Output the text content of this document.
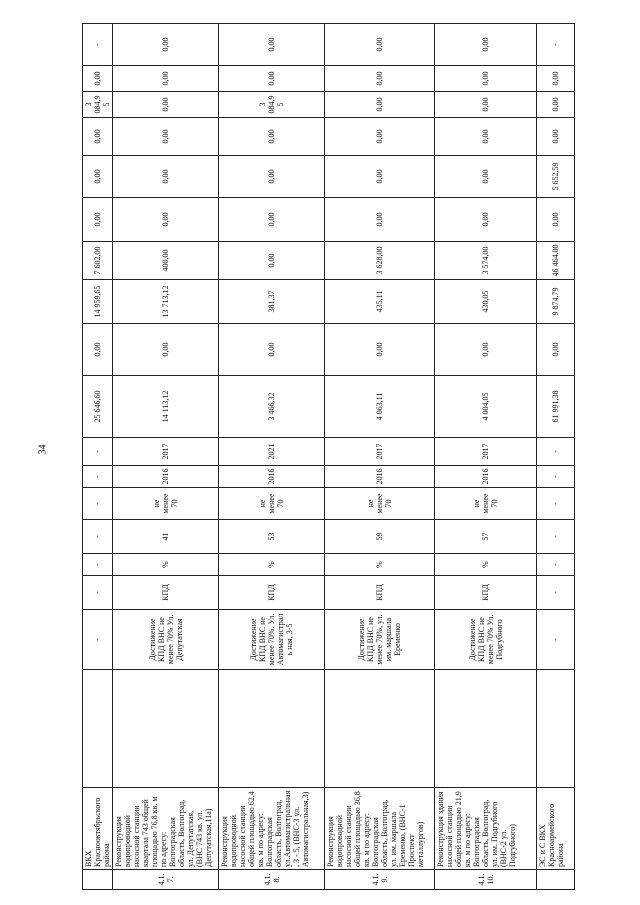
34
	ВКХ Краснооктябрьского района		-	-	-	-	-	-	-	25 646,60	0,00	14 959,65	7 602,00	0,00	0,00	0,00	3 084,95	0,00	-
4.1.7.	Реконструкция водопроводной насосной станции квартала 743 общей площадью 76,8 кв. м по адресу: Волгоградская область, Волгоград, ул. Депутатская, (ВНС 743 кв. ул. Депутатская,11а)		Достижение КПД ВНС не менее 70% Ул. Депутатская	КПД	%	41	не менее 70	2016	2017	14 113,12	0,00	13 713,12	400,00	0,00	0,00	0,00	0,00	0,00	0,00
4.1.8.	Реконструкция водопроводной насосной станции общей площадью 62,4 кв. м по адресу: Волгоградская область, Волгоград, ул.Автомагистральная , 3 - 5, (ВНС-3 ул. Автомагистральная,3)		Достижение КПД ВНС не менее 70%. Ул. Автомагистраль ная, 3-5	КПД	%	53	не менее 70	2016	2021	3 466,32	0,00	381,37	0,00	0,00	0,00	0,00	3 084,95	0,00	0,00
4.1.9.	Реконструкция водопроводной насосной станции общей площадью 36,8 кв. м по адресу: Волгоградская область, Волгоград, ул. им. маршала Еременко, (ВНС-1 Проспект металлургов)		Достижение КПД ВНС не менее 70%, ул. им. маршала Еременко	КПД	%	59	не менее 70	2016	2017	4 063,11	0,00	435,11	3 628,00	0,00	0,00	0,00	0,00	0,00	0,00
4.1.10.	Реконструкция здания насосной станции общей площадью 21,9 кв. м по адресу: Волгоградская область, Волгоград, ул. им. Подгубного (ВНС-2 ул. Подгубного)		Достижение КПД ВНС не менее 70% Ул. Подгубного	КПД	%	57	не менее 70	2016	2017	4 004,05	0,00	430,05	3 574,00	0,00	0,00	0,00	0,00	0,00	0,00
	ЭС и С ВКХ Красноармейского района		-	-	-	-	-	-	-	61 991,38	0,00	9 874,79	46 464,00	0,00	5 652,59	0,00	0,00	0,00	-
